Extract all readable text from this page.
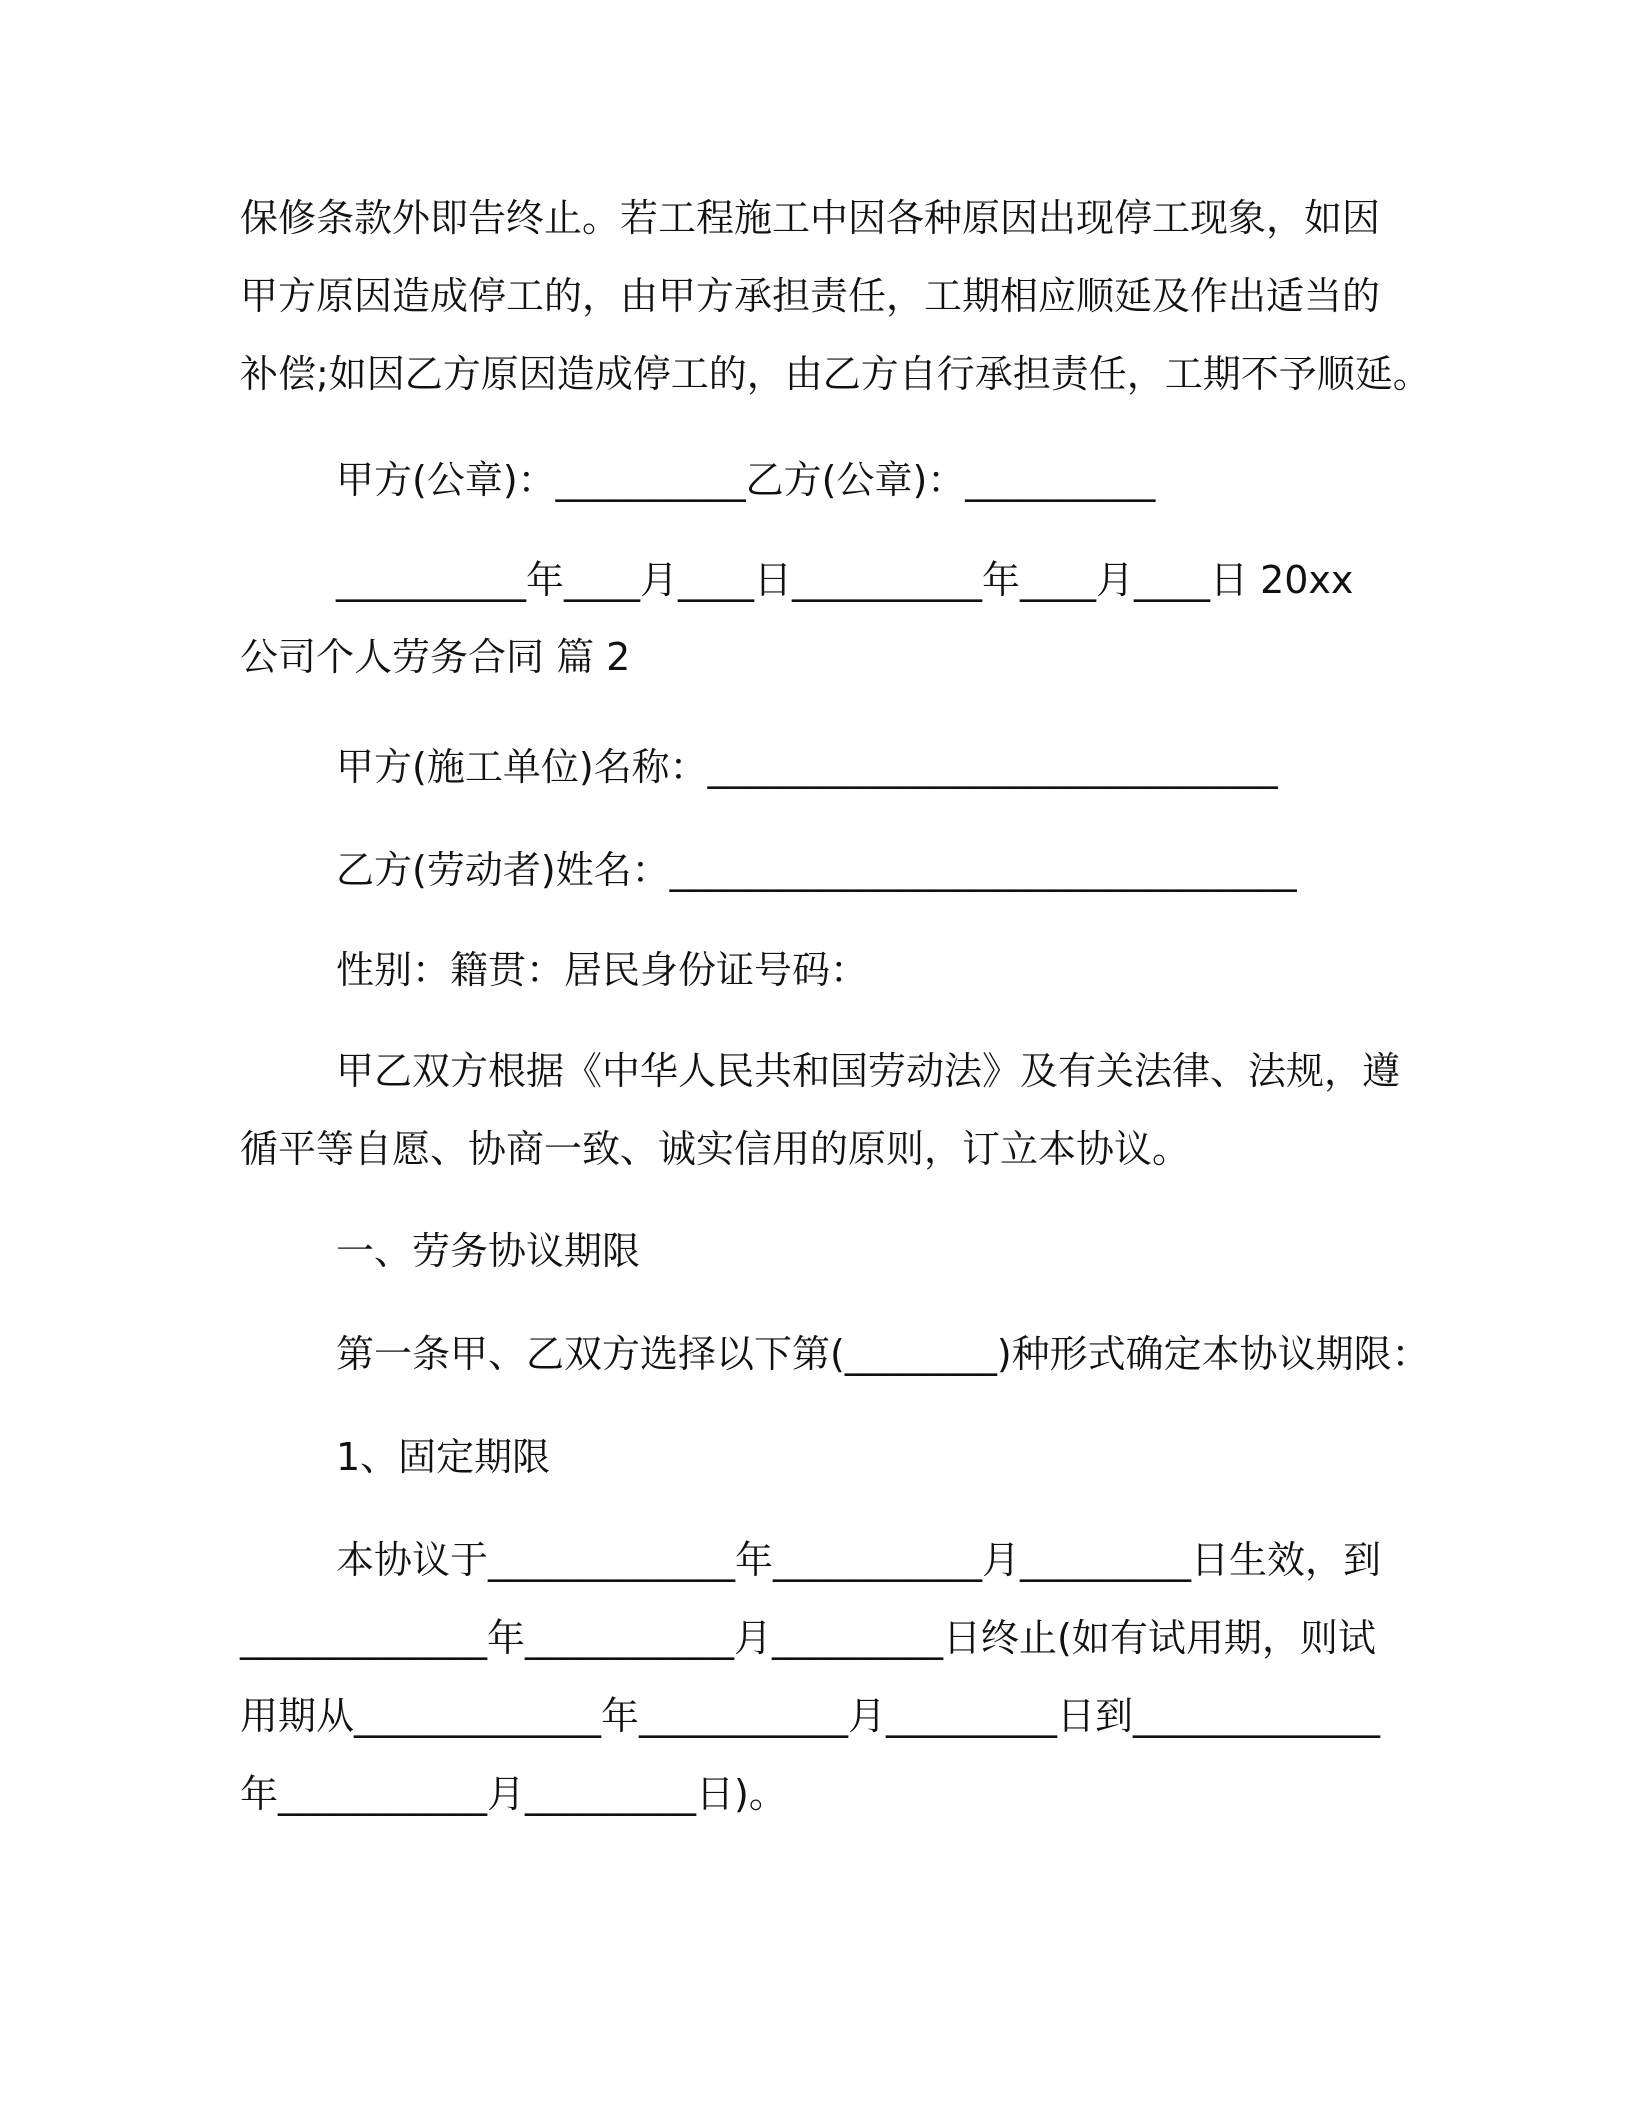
保修条款外即告终止。若工程施工中因各种原因出现停工现象，如因
甲方原因造成停工的，由甲方承担责任，工期相应顺延及作出适当的
补偿;如因乙方原因造成停工的，由乙方自行承担责任，工期不予顺延。
甲方(公章)：__________乙方(公章)：__________
__________年____月____日__________年____月____日 20xx
公司个人劳务合同 篇 2
甲方(施工单位)名称：______________________________
乙方(劳动者)姓名：_________________________________
性别：籍贯：居民身份证号码：
甲乙双方根据《中华人民共和国劳动法》及有关法律、法规，遵
循平等自愿、协商一致、诚实信用的原则，订立本协议。
一、劳务协议期限
第一条甲、乙双方选择以下第(________)种形式确定本协议期限：
1、固定期限
本协议于_____________年___________月_________日生效，到
_____________年___________月_________日终止(如有试用期，则试
用期从_____________年___________月_________日到_____________
年___________月_________日)。
